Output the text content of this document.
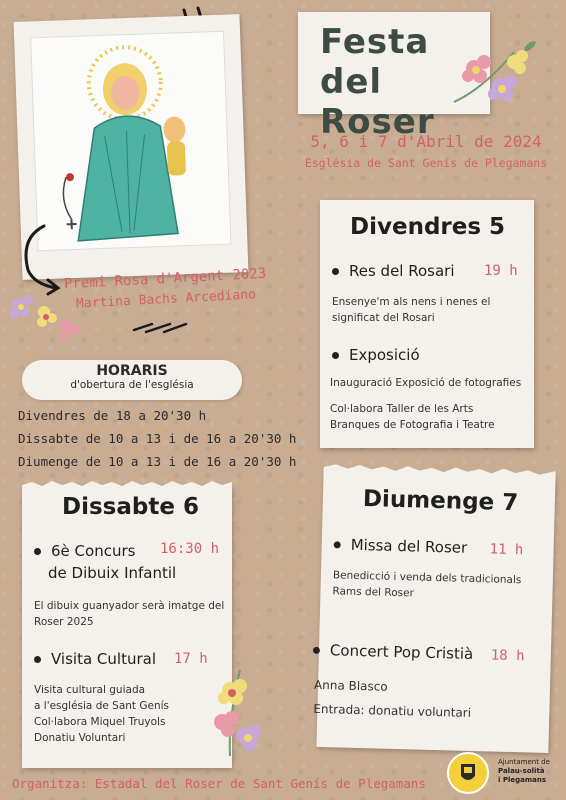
Festa del
Roser
5, 6 i 7 d'Abril de 2024
Església de Sant Genís de Plegamans
Premi Rosa d'Argent 2023
Martina Bachs Arcediano
HORARIS
d'obertura de l'església
Divendres de 18 a 20'30 h
Dissabte de 10 a 13 i de 16 a 20'30 h
Diumenge de 10 a 13 i de 16 a 20'30 h
Divendres 5
Res del Rosari 19 h
Ensenye'm als nens i nenes el
significat del Rosari
Exposició
Inauguració Exposició de fotografies
Col·labora Taller de les Arts
Branques de Fotografia i Teatre
Dissabte 6
6è Concurs
de Dibuix Infantil
16:30 h
El dibuix guanyador serà imatge del
Roser 2025
Visita Cultural 17 h
Visita cultural guiada
a l'església de Sant Genís
Col·labora Miquel Truyols
Donatiu Voluntari
Diumenge 7
Missa del Roser 11 h
Benedicció i venda dels tradicionals
Rams del Roser
Concert Pop Cristià 18 h
Anna Blasco
Entrada: donatiu voluntari
Organitza: Estadal del Roser de Sant Genís de Plegamans
Ajuntament de
Palau-solità
i Plegamans
